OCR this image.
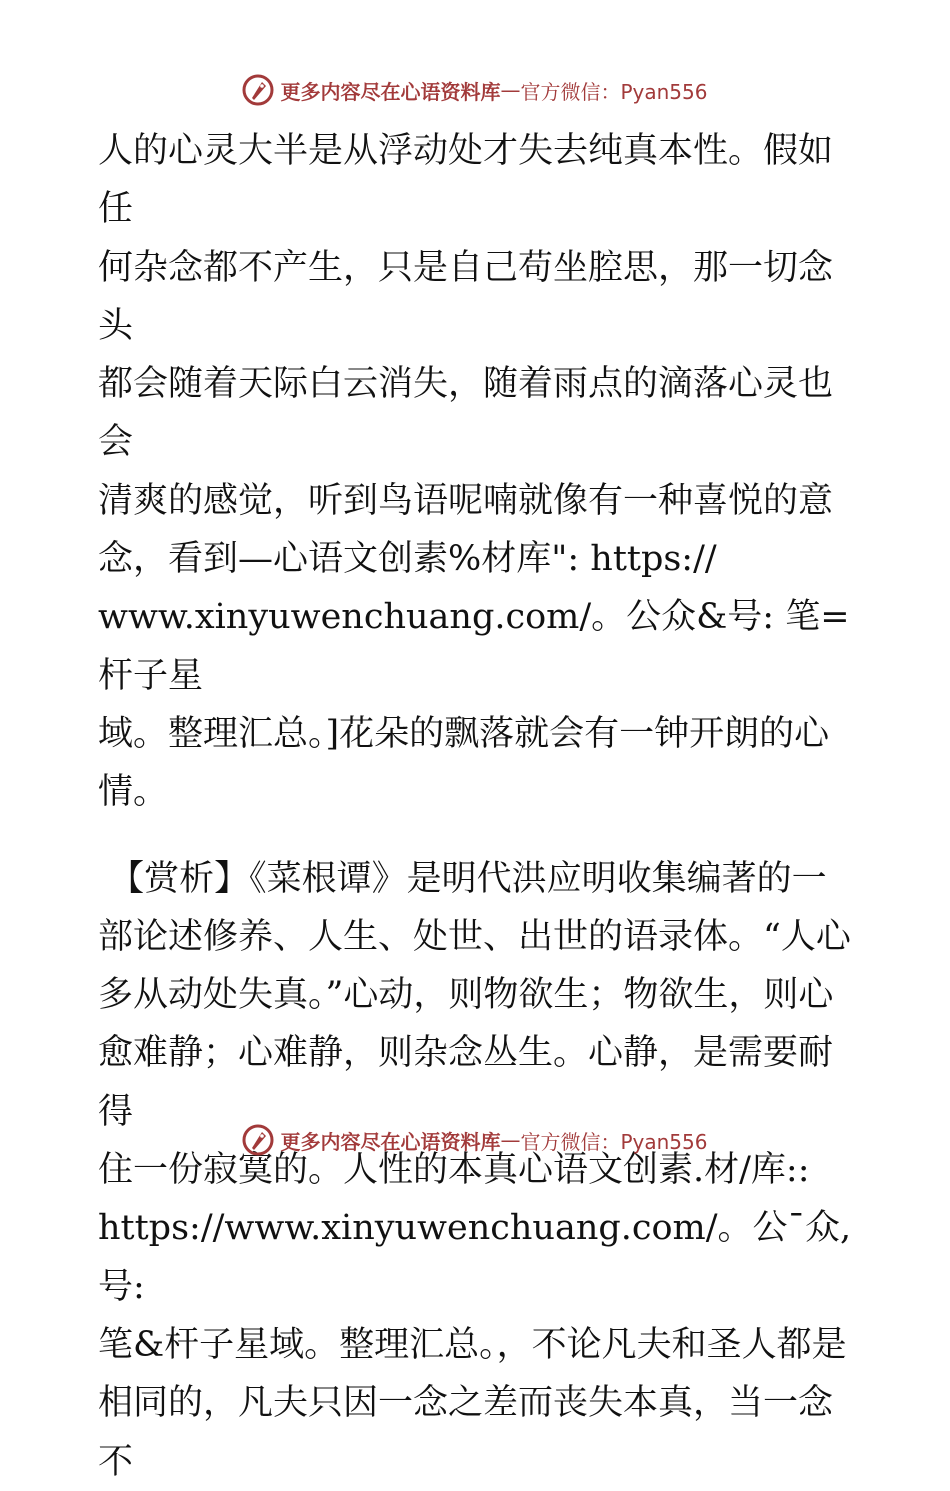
更多内容尽在心语资料库 — 官方微信：Pyan556

人的心灵大半是从浮动处才失去纯真本性。假如任
何杂念都不产生，只是自己苟坐腔思，那一切念头
都会随着天际白云消失，随着雨点的滴落心灵也会
清爽的感觉，听到鸟语呢喃就像有一种喜悦的意
念，看到—心语文创素%材库": https://
www.xinyuwenchuang.com/。公众&号: 笔=杆子星
域。整理汇总。]花朵的飘落就会有一钟开朗的心
情。

【赏析】《菜根谭》是明代洪应明收集编著的一
部论述修养、人生、处世、出世的语录体。“人心
多从动处失真。”心动，则物欲生；物欲生，则心
愈难静；心难静，则杂念丛生。心静，是需要耐得
住一份寂寞的。人性的本真心语文创素.材/库::
https://www.xinyuwenchuang.com/。公¯众,号:
笔&杆子星域。整理汇总。，不论凡夫和圣人都是
相同的，凡夫只因一念之差而丧失本真，当一念不

更多内容尽在心语资料库 — 官方微信：Pyan556
